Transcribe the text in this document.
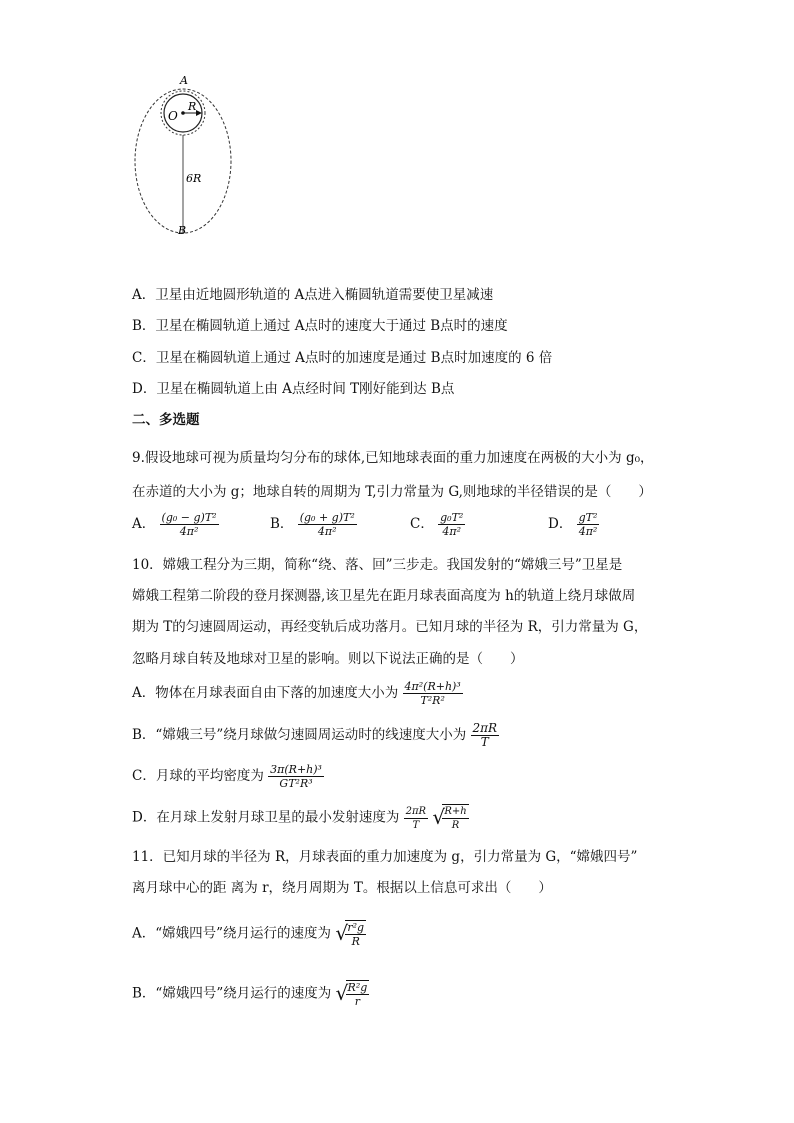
A
O
R
6R
B
A．卫星由近地圆形轨道的 A点进入椭圆轨道需要使卫星减速
B．卫星在椭圆轨道上通过 A点时的速度大于通过 B点时的速度
C．卫星在椭圆轨道上通过 A点时的加速度是通过 B点时加速度的 6 倍
D．卫星在椭圆轨道上由 A点经时间 T刚好能到达 B点
二、多选题
9.假设地球可视为质量均匀分布的球体,已知地球表面的重力加速度在两极的大小为 g₀，
在赤道的大小为 g；地球自转的周期为 T,引力常量为 G,则地球的半径错误的是（　　）
A． $\frac{\text{(g₀ − g)T²}}{\text{4π²}}$	B． $\frac{\text{(g₀ + g)T²}}{\text{4π²}}$	C． $\frac{\text{g₀T²}}{\text{4π²}}$	D． $\frac{\text{gT²}}{\text{4π²}}$
10．嫦娥工程分为三期，简称“绕、落、回”三步走。我国发射的“嫦娥三号”卫星是
嫦娥工程第二阶段的登月探测器,该卫星先在距月球表面高度为 h的轨道上绕月球做周
期为 T的匀速圆周运动，再经变轨后成功落月。已知月球的半径为 R，引力常量为 G，
忽略月球自转及地球对卫星的影响。则以下说法正确的是（　　）
A．物体在月球表面自由下落的加速度大小为 $\frac{\text{4π²(R+h)³}}{\text{T²R²}}$
B．“嫦娥三号”绕月球做匀速圆周运动时的线速度大小为 $\frac{2\pi R}{T}$
C．月球的平均密度为 $\frac{\text{3π(R+h)³}}{\text{GT²R³}}$
D．在月球上发射月球卫星的最小发射速度为 $\frac{2\pi R}{T}$
√
$\frac{R+h}{R}$
11．已知月球的半径为 R，月球表面的重力加速度为 g，引力常量为 G，“嫦娥四号”
离月球中心的距 离为 r，绕月周期为 T。根据以上信息可求出（　　）
A．“嫦娥四号”绕月运行的速度为 √
$\frac{\text{r²g}}{R}$
B．“嫦娥四号”绕月运行的速度为 √
$\frac{\text{R²g}}{r}$
